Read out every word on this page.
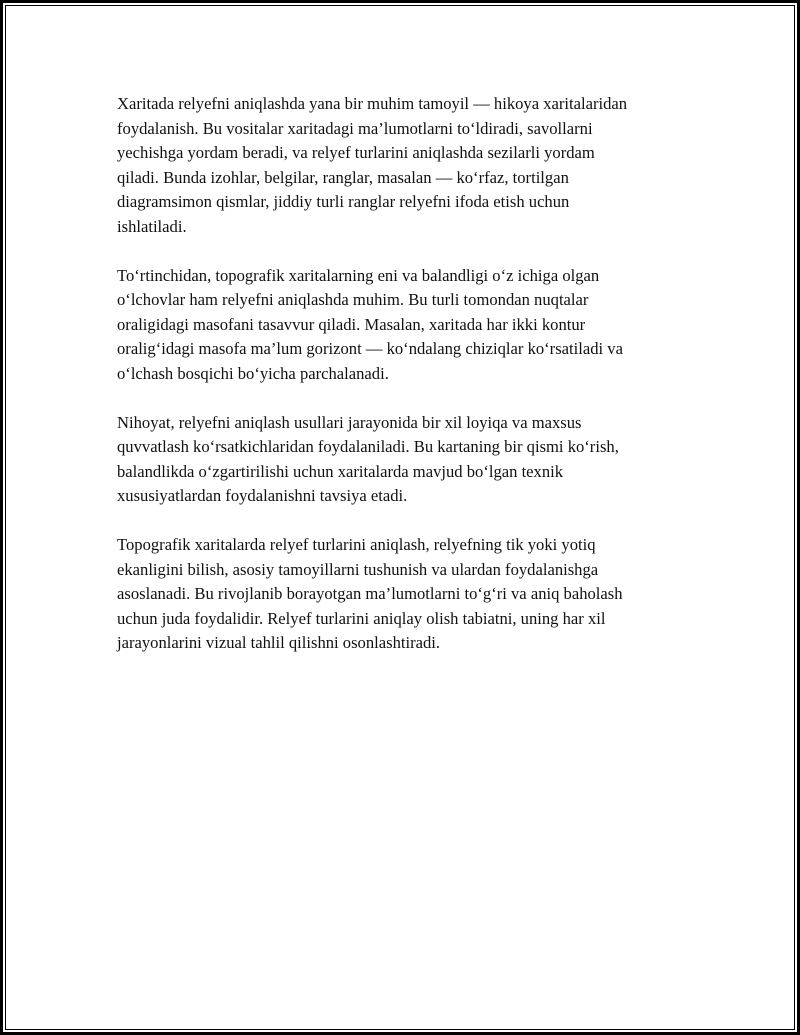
Xaritada relyefni aniqlashda yana bir muhim tamoyil — hikoya xaritalaridan
foydalanish. Bu vositalar xaritadagi ma’lumotlarni to‘ldiradi, savollarni
yechishga yordam beradi, va relyef turlarini aniqlashda sezilarli yordam
qiladi. Bunda izohlar, belgilar, ranglar, masalan — ko‘rfaz, tortilgan
diagramsimon qismlar, jiddiy turli ranglar relyefni ifoda etish uchun
ishlatiladi.

To‘rtinchidan, topografik xaritalarning eni va balandligi o‘z ichiga olgan
o‘lchovlar ham relyefni aniqlashda muhim. Bu turli tomondan nuqtalar
oraligidagi masofani tasavvur qiladi. Masalan, xaritada har ikki kontur
oralig‘idagi masofa ma’lum gorizont — ko‘ndalang chiziqlar ko‘rsatiladi va
o‘lchash bosqichi bo‘yicha parchalanadi.

Nihoyat, relyefni aniqlash usullari jarayonida bir xil loyiqa va maxsus
quvvatlash ko‘rsatkichlaridan foydalaniladi. Bu kartaning bir qismi ko‘rish,
balandlikda o‘zgartirilishi uchun xaritalarda mavjud bo‘lgan texnik
xususiyatlardan foydalanishni tavsiya etadi.

Topografik xaritalarda relyef turlarini aniqlash, relyefning tik yoki yotiq
ekanligini bilish, asosiy tamoyillarni tushunish va ulardan foydalanishga
asoslanadi. Bu rivojlanib borayotgan ma’lumotlarni to‘g‘ri va aniq baholash
uchun juda foydalidir. Relyef turlarini aniqlay olish tabiatni, uning har xil
jarayonlarini vizual tahlil qilishni osonlashtiradi.
